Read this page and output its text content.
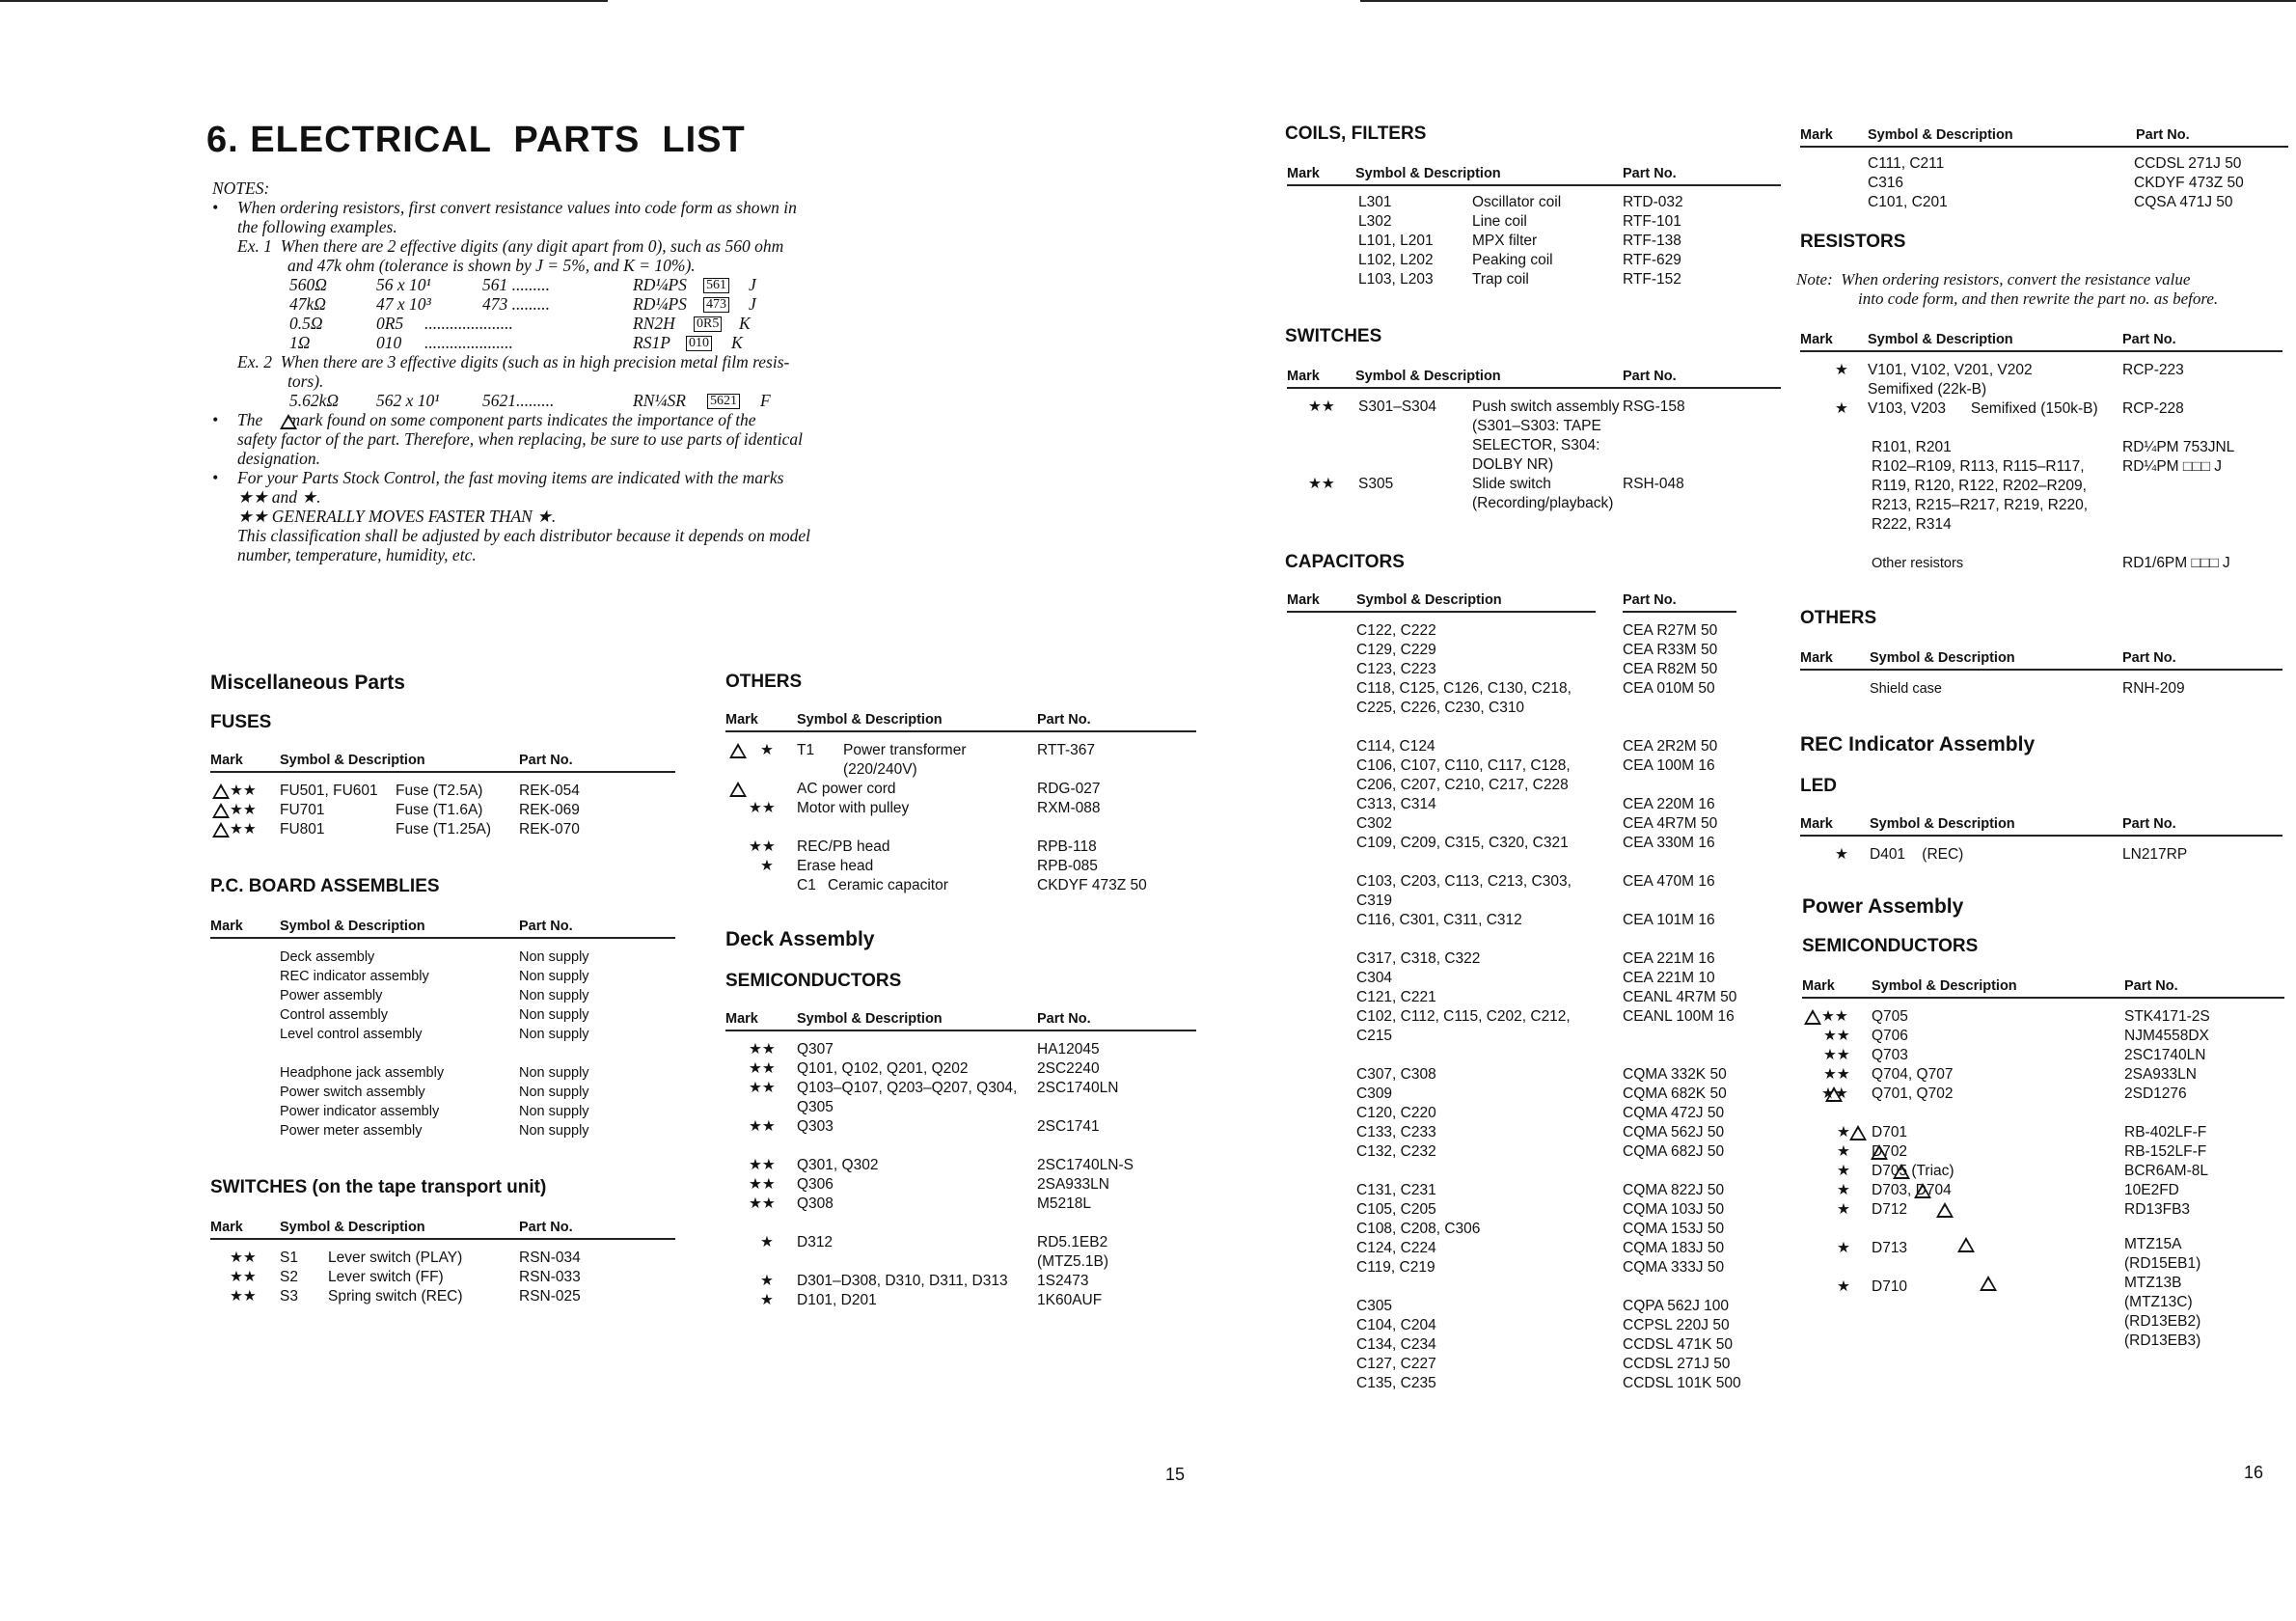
6. ELECTRICAL  PARTS  LIST
NOTES:
• When ordering resistors, first convert resistance values into code form as shown in
the following examples.
Ex. 1  When there are 2 effective digits (any digit apart from 0), such as 560 ohm
and 47k ohm (tolerance is shown by J = 5%, and K = 10%).
560Ω	56 x 10¹	561 .........	RD¼PS 561 J
47kΩ	47 x 10³	473 .........	RD¼PS 473 J
0.5Ω	0R5 .....................	RN2H 0R5 K
1Ω	010 .....................	RS1P 010 K
Ex. 2  When there are 3 effective digits (such as in high precision metal film resis-
tors).
5.62kΩ 562 x 10¹	5621.........	RN¼SR 5621 F
• The      mark found on some component parts indicates the importance of the
safety factor of the part. Therefore, when replacing, be sure to use parts of identical
designation.
• For your Parts Stock Control, the fast moving items are indicated with the marks
★★ and ★.
★★ GENERALLY MOVES FASTER THAN ★.
This classification shall be adjusted by each distributor because it depends on model
number, temperature, humidity, etc.
Miscellaneous Parts
FUSES
Mark	Symbol & Description	Part No.
★★ FU501, FU601 Fuse (T2.5A) REK-054
★★ FU701	Fuse (T1.6A) REK-069
★★ FU801	Fuse (T1.25A) REK-070
P.C. BOARD ASSEMBLIES
Mark	Symbol & Description	Part No.
Deck assembly	Non supply
REC indicator assembly	Non supply
Power assembly	Non supply
Control assembly	Non supply
Level control assembly	Non supply
Headphone jack assembly	Non supply
Power switch assembly	Non supply
Power indicator assembly	Non supply
Power meter assembly	Non supply
SWITCHES (on the tape transport unit)
Mark	Symbol & Description	Part No.
★★ S1 Lever switch (PLAY)	RSN-034
★★ S2 Lever switch (FF)	RSN-033
★★ S3 Spring switch (REC)	RSN-025
OTHERS
Mark	Symbol & Description	Part No.
★ T1 Power transformer	RTT-367
(220/240V)
AC power cord	RDG-027
★★ Motor with pulley	RXM-088
★★ REC/PB head	RPB-118
★ Erase head	RPB-085
C1 Ceramic capacitor	CKDYF 473Z 50
Deck Assembly
SEMICONDUCTORS
Mark	Symbol & Description	Part No.
★★ Q307	HA12045
★★ Q101, Q102, Q201, Q202	2SC2240
★★ Q103–Q107, Q203–Q207, Q304, 2SC1740LN
Q305
★★ Q303	2SC1741
★★ Q301, Q302	2SC1740LN-S
★★ Q306	2SA933LN
★★ Q308	M5218L
★ D312	RD5.1EB2
(MTZ5.1B)
★ D301–D308, D310, D311, D313 1S2473
★ D101, D201	1K60AUF
15
COILS, FILTERS
Mark	Symbol & Description	Part No.
L301	Oscillator coil	RTD-032
L302	Line coil	RTF-101
L101, L201	MPX filter	RTF-138
L102, L202	Peaking coil	RTF-629
L103, L203	Trap coil	RTF-152
SWITCHES
Mark	Symbol & Description	Part No.
★★ S301–S304 Push switch assembly RSG-158
(S301–S303: TAPE
SELECTOR, S304:
DOLBY NR)
★★ S305	Slide switch	RSH-048
(Recording/playback)
CAPACITORS
Mark	Symbol & Description	Part No.
C122, C222	CEA R27M 50
C129, C229	CEA R33M 50
C123, C223	CEA R82M 50
C118, C125, C126, C130, C218,	CEA 010M 50
C225, C226, C230, C310
C114, C124	CEA 2R2M 50
C106, C107, C110, C117, C128,	CEA 100M 16
C206, C207, C210, C217, C228
C313, C314	CEA 220M 16
C302	CEA 4R7M 50
C109, C209, C315, C320, C321	CEA 330M 16
C103, C203, C113, C213, C303,	CEA 470M 16
C319
C116, C301, C311, C312	CEA 101M 16
C317, C318, C322	CEA 221M 16
C304	CEA 221M 10
C121, C221	CEANL 4R7M 50
C102, C112, C115, C202, C212,	CEANL 100M 16
C215
C307, C308	CQMA 332K 50
C309	CQMA 682K 50
C120, C220	CQMA 472J 50
C133, C233	CQMA 562J 50
C132, C232	CQMA 682J 50
C131, C231	CQMA 822J 50
C105, C205	CQMA 103J 50
C108, C208, C306	CQMA 153J 50
C124, C224	CQMA 183J 50
C119, C219	CQMA 333J 50
C305	CQPA 562J 100
C104, C204	CCPSL 220J 50
C134, C234	CCDSL 471K 50
C127, C227	CCDSL 271J 50
C135, C235	CCDSL 101K 500
Mark Symbol & Description	Part No.
C111, C211	CCDSL 271J 50
C316	CKDYF 473Z 50
C101, C201	CQSA 471J 50
RESISTORS
Note:  When ordering resistors, convert the resistance value
into code form, and then rewrite the part no. as before.
Mark Symbol & Description	Part No.
★ V101, V102, V201, V202	RCP-223
Semifixed (22k-B)
★ V103, V203      Semifixed (150k-B) RCP-228
R101, R201	RD¼PM 753JNL
R102–R109, R113, R115–R117,	RD¼PM □□□ J
R119, R120, R122, R202–R209,
R213, R215–R217, R219, R220,
R222, R314
Other resistors	RD1/6PM □□□ J
OTHERS
Mark	Symbol & Description	Part No.
Shield case	RNH-209
REC Indicator Assembly
LED
Mark	Symbol & Description	Part No.
★ D401    (REC)	LN217RP
Power Assembly
SEMICONDUCTORS
Mark	Symbol & Description	Part No.

★★ Q705	STK4171-2S
★★ Q706	NJM4558DX
★★ Q703	2SC1740LN
★★ Q704, Q707	2SA933LN

★★ Q701, Q702	2SD1276

★ D701	RB-402LF-F

★ D702	RB-152LF-F

★ D705 (Triac)	BCR6AM-8L

★ D703, D704	10E2FD

★ D712	RD13FB3

★ D713	MTZ15A
(RD15EB1)
★ D710	MTZ13B
(MTZ13C)
(RD13EB2)
(RD13EB3)
16
